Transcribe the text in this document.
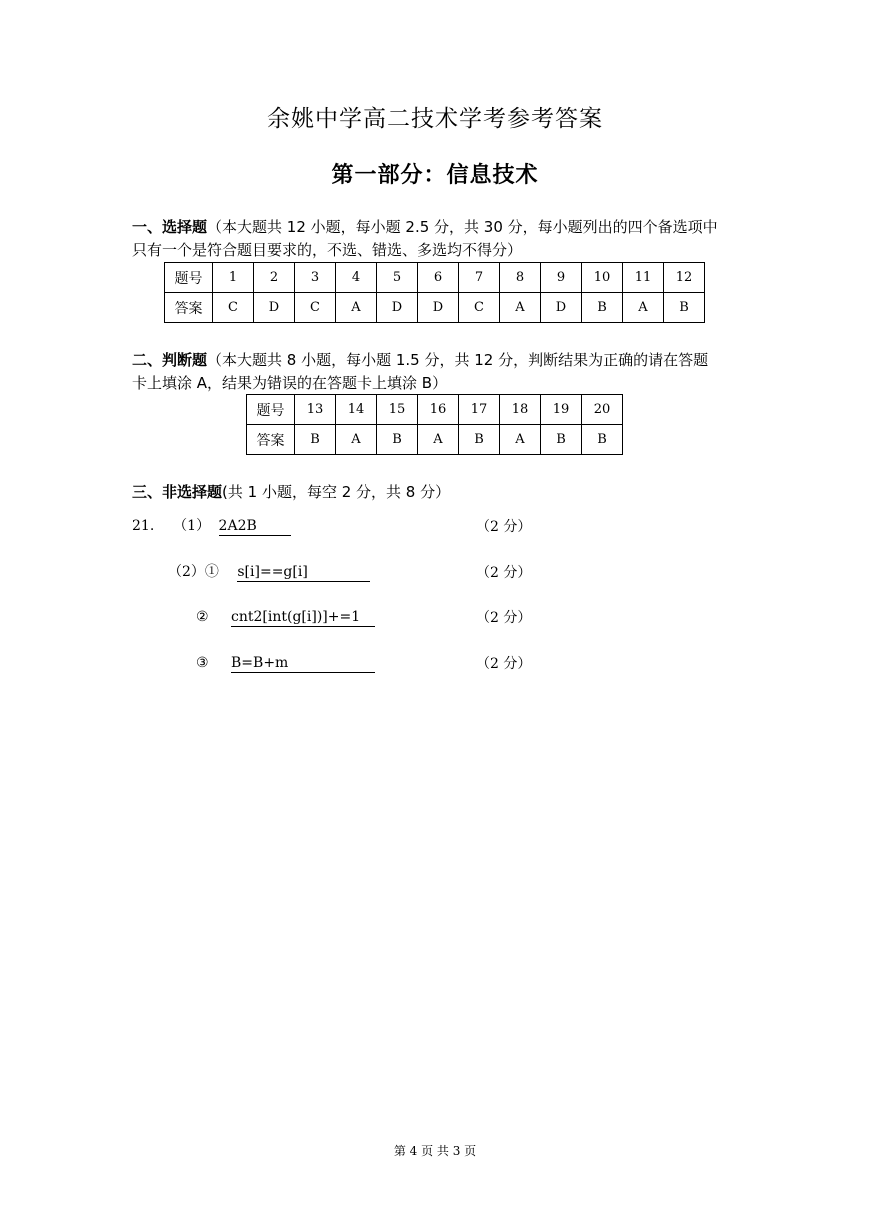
余姚中学高二技术学考参考答案
第一部分：信息技术
一、选择题（本大题共 12 小题，每小题 2.5 分，共 30 分，每小题列出的四个备选项中
只有一个是符合题目要求的，不选、错选、多选均不得分）
题号	1	2	3	4	5	6	7	8	9	10	11	12
答案	C	D	C	A	D	D	C	A	D	B	A	B
二、判断题（本大题共 8 小题，每小题 1.5 分，共 12 分，判断结果为正确的请在答题
卡上填涂 A，结果为错误的在答题卡上填涂 B）
题号	13	14	15	16	17	18	19	20
答案	B	A	B	A	B	A	B	B
三、非选择题(共 1 小题，每空 2 分，共 8 分）
21. （1） 2A2B	（2 分）
（2）① s[i]==g[i]	（2 分）
② cnt2[int(g[i])]+=1	（2 分）
③ B=B+m	（2 分）
第 4 页 共 3 页
